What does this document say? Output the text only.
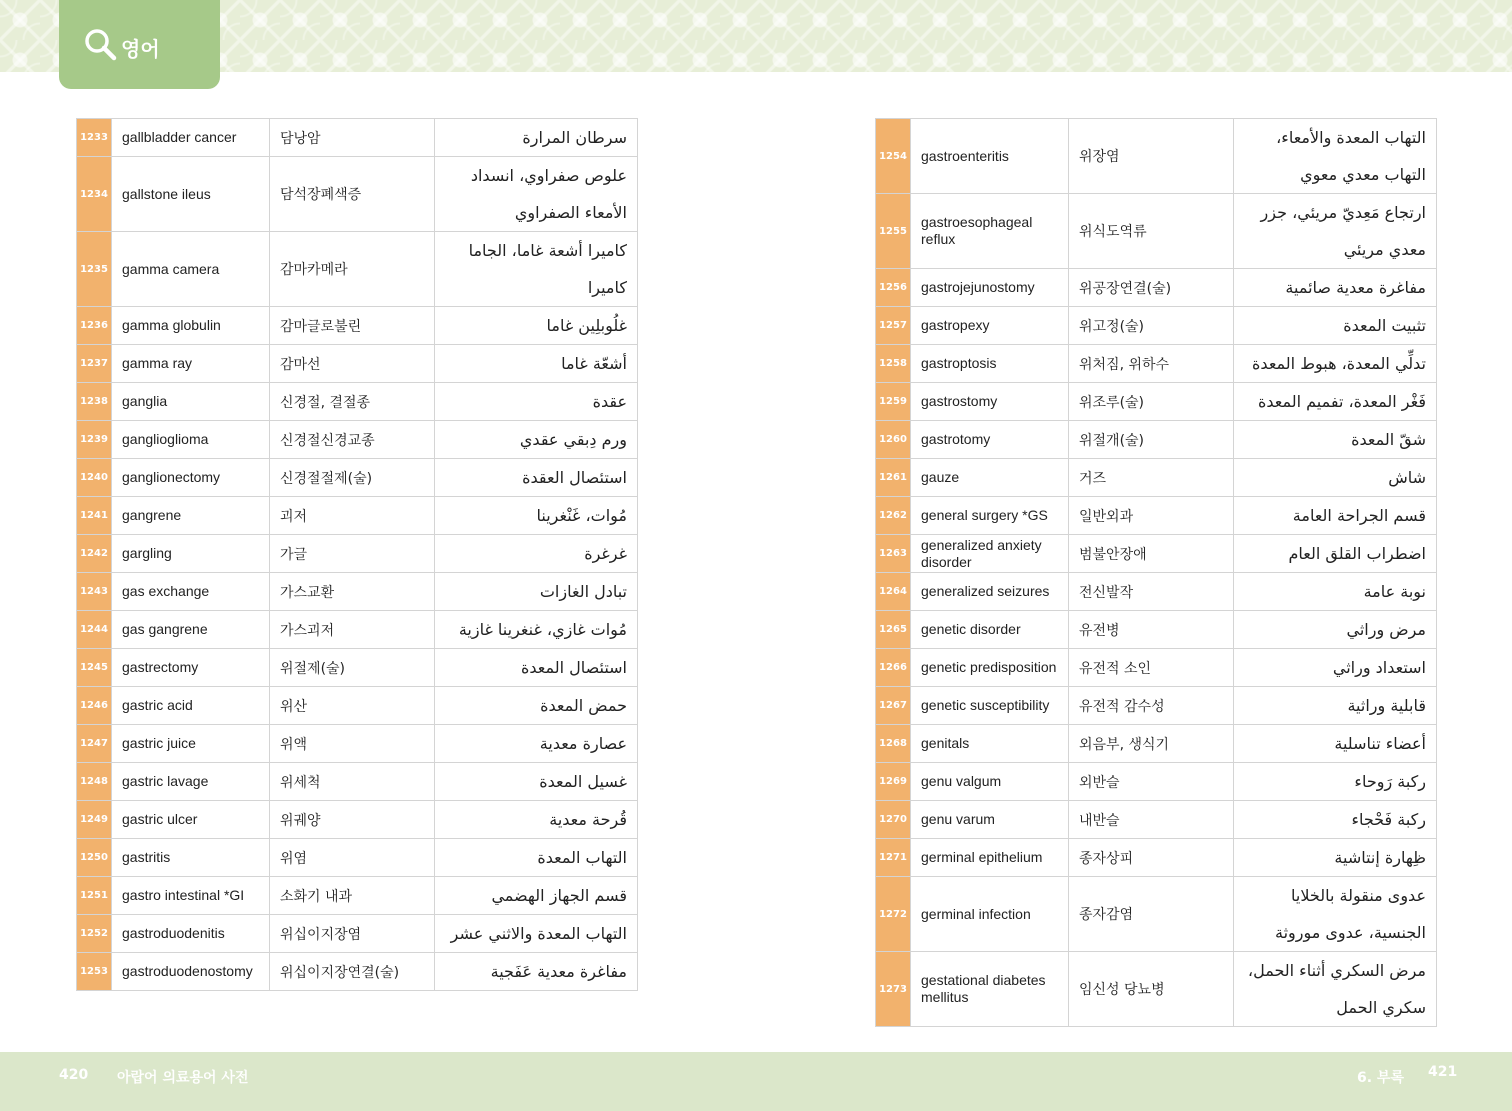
영어
1233	gallbladder cancer	담낭암	سرطان المرارة

1234	gallstone ileus	담석장폐색증	علوص صفراوي، انسداد
الأمعاء الصفراوي

1235	gamma camera	감마카메라	كاميرا أشعة غاما، الجاما
كاميرا

1236	gamma globulin	감마글로불린	غلُوبلِين غاما

1237	gamma ray	감마선	أشعّة غاما

1238	ganglia	신경절, 결절종	عقدة

1239	ganglioglioma	신경절신경교종	ورم دِبقي عقدي

1240	ganglionectomy	신경절절제(술)	استئصال العقدة

1241	gangrene	괴저	مُوات، غَنْغرينا

1242	gargling	가글	غرغرة

1243	gas exchange	가스교환	تبادل الغازات

1244	gas gangrene	가스괴저	مُوات غازي، غنغرينا غازية

1245	gastrectomy	위절제(술)	استئصال المعدة

1246	gastric acid	위산	حمض المعدة

1247	gastric juice	위액	عصارة معدية

1248	gastric lavage	위세척	غسيل المعدة

1249	gastric ulcer	위궤양	قُرحة معدية

1250	gastritis	위염	التهاب المعدة

1251	gastro intestinal *GI	소화기 내과	قسم الجهاز الهضمي

1252	gastroduodenitis	위십이지장염	التهاب المعدة والاثني عشر

1253	gastroduodenostomy	위십이지장연결(술)	مفاغرة معدية عَفَجية
1254	gastroenteritis	위장염	التهاب المعدة والأمعاء،
التهاب معدي معوي

1255	gastroesophageal reflux	위식도역류	ارتجاع مَعِديّ مريئي، جزر
معدي مريئي

1256	gastrojejunostomy	위공장연결(술)	مفاغرة معدية صائمية

1257	gastropexy	위고정(술)	تثبيت المعدة

1258	gastroptosis	위처짐, 위하수	تدلِّي المعدة، هبوط المعدة

1259	gastrostomy	위조루(술)	فَغْر المعدة، تفميم المعدة

1260	gastrotomy	위절개(술)	شقّ المعدة

1261	gauze	거즈	شاش

1262	general surgery *GS	일반외과	قسم الجراحة العامة

1263	generalized anxiety disorder	범불안장애	اضطراب القلق العام

1264	generalized seizures	전신발작	نوبة عامة

1265	genetic disorder	유전병	مرض وراثي

1266	genetic predisposition	유전적 소인	استعداد وراثي

1267	genetic susceptibility	유전적 감수성	قابلية وراثية

1268	genitals	외음부, 생식기	أعضاء تناسلية

1269	genu valgum	외반슬	ركبة رَوحاء

1270	genu varum	내반슬	ركبة فَحْجاء

1271	germinal epithelium	종자상피	ظِهارة إنتاشية

1272	germinal infection	종자감염	عدوى منقولة بالخلايا
الجنسية، عدوى موروثة

1273	gestational diabetes mellitus	임신성 당뇨병	مرض السكري أثناء الحمل،
سكري الحمل
420 아랍어 의료용어 사전	6. 부록 421
